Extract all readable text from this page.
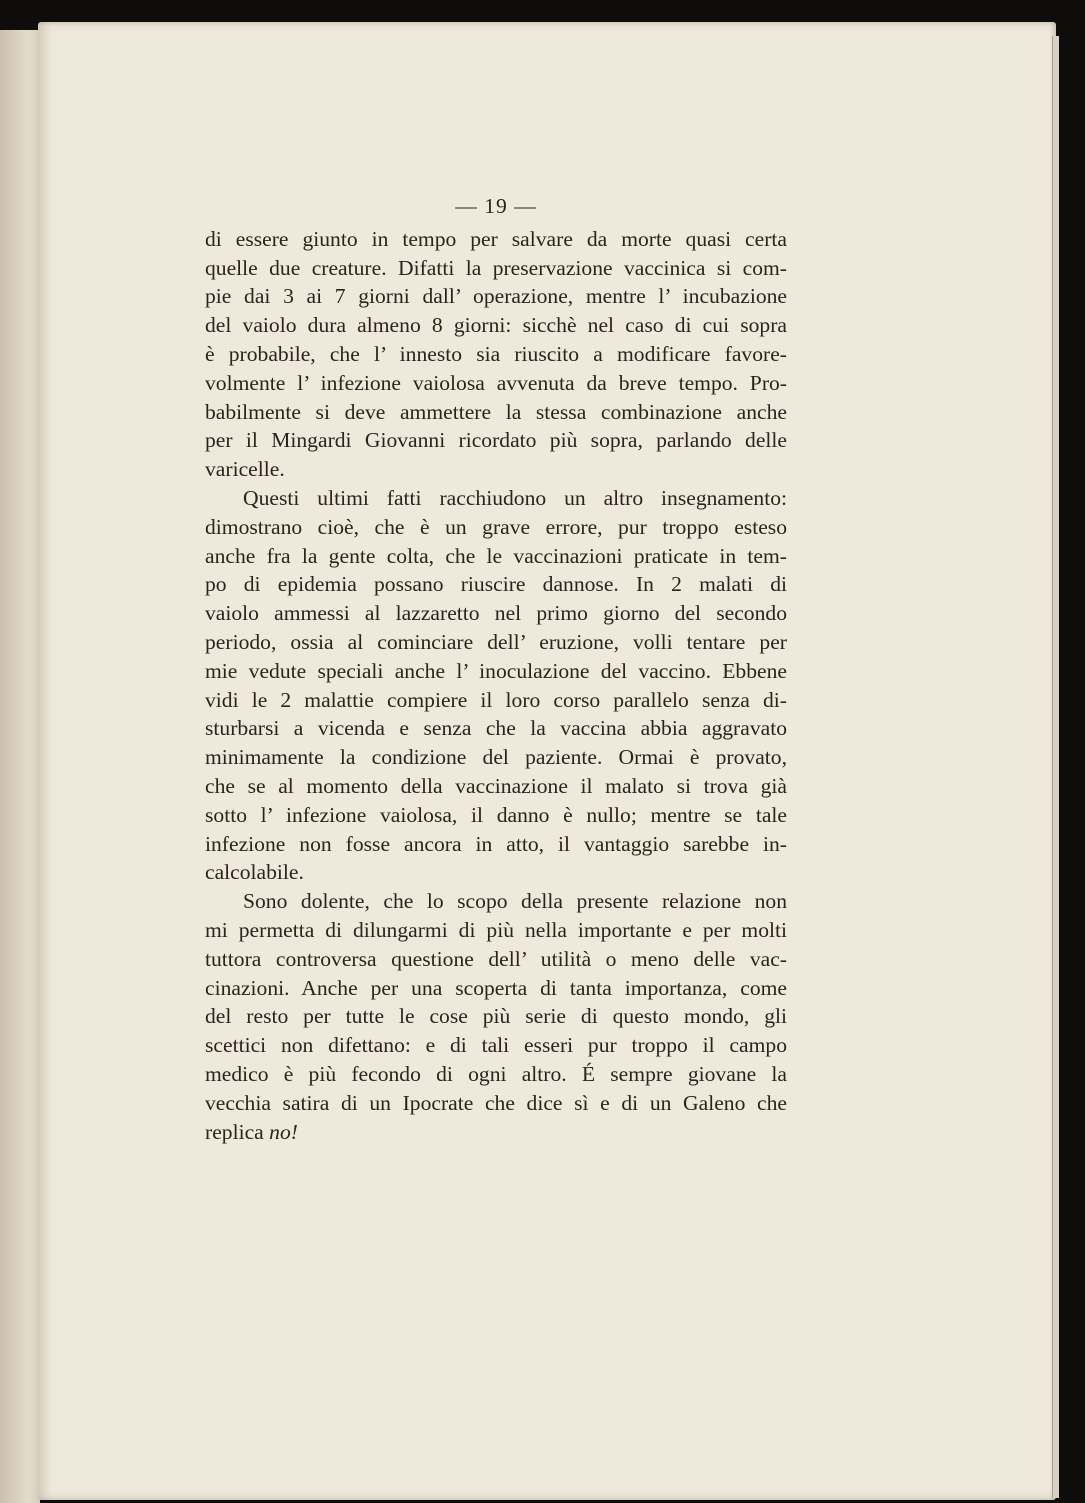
— 19 —

di essere giunto in tempo per salvare da morte quasi certa
quelle due creature. Difatti la preservazione vaccinica si com-
pie dai 3 ai 7 giorni dall’ operazione, mentre l’ incubazione
del vaiolo dura almeno 8 giorni: sicchè nel caso di cui sopra
è probabile, che l’ innesto sia riuscito a modificare favore-
volmente l’ infezione vaiolosa avvenuta da breve tempo. Pro-
babilmente si deve ammettere la stessa combinazione anche
per il Mingardi Giovanni ricordato più sopra, parlando delle
varicelle.

Questi ultimi fatti racchiudono un altro insegnamento:
dimostrano cioè, che è un grave errore, pur troppo esteso
anche fra la gente colta, che le vaccinazioni praticate in tem-
po di epidemia possano riuscire dannose. In 2 malati di
vaiolo ammessi al lazzaretto nel primo giorno del secondo
periodo, ossia al cominciare dell’ eruzione, volli tentare per
mie vedute speciali anche l’ inoculazione del vaccino. Ebbene
vidi le 2 malattie compiere il loro corso parallelo senza di-
sturbarsi a vicenda e senza che la vaccina abbia aggravato
minimamente la condizione del paziente. Ormai è provato,
che se al momento della vaccinazione il malato si trova già
sotto l’ infezione vaiolosa, il danno è nullo; mentre se tale
infezione non fosse ancora in atto, il vantaggio sarebbe in-
calcolabile.

Sono dolente, che lo scopo della presente relazione non
mi permetta di dilungarmi di più nella importante e per molti
tuttora controversa questione dell’ utilità o meno delle vac-
cinazioni. Anche per una scoperta di tanta importanza, come
del resto per tutte le cose più serie di questo mondo, gli
scettici non difettano: e di tali esseri pur troppo il campo
medico è più fecondo di ogni altro. É sempre giovane la
vecchia satira di un Ipocrate che dice sì e di un Galeno che
replica no!
